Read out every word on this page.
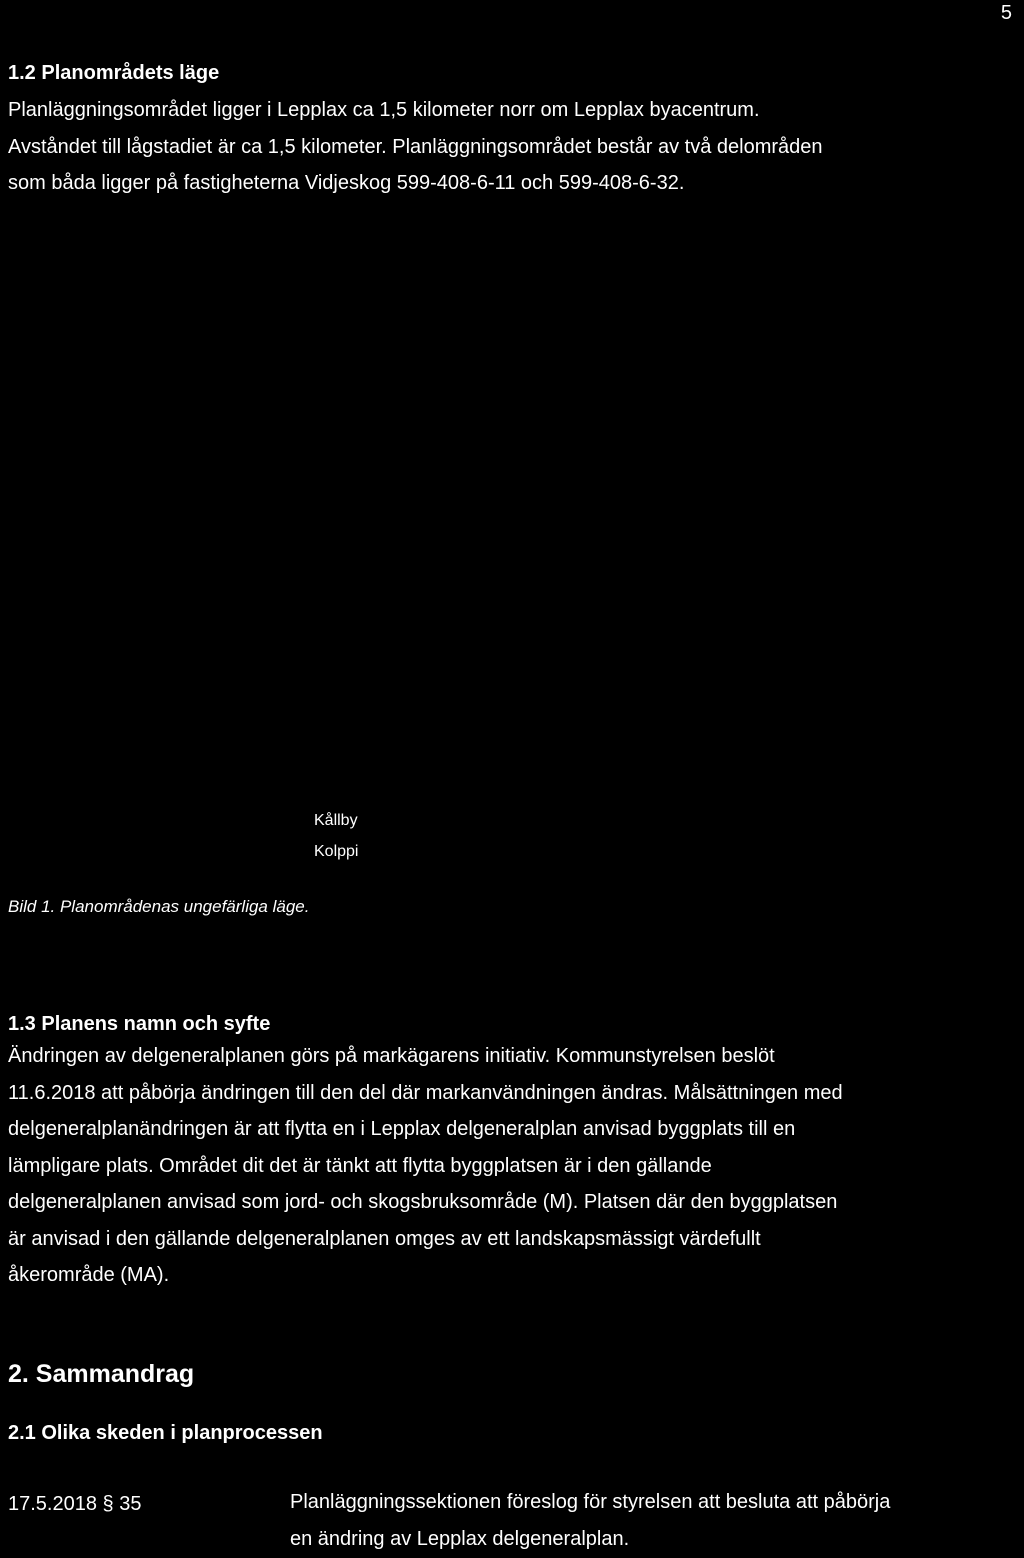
5
1.2 Planområdets läge
Planläggningsområdet ligger i Lepplax ca 1,5 kilometer norr om Lepplax byacentrum.
Avståndet till lågstadiet är ca 1,5 kilometer. Planläggningsområdet består av två delområden
som båda ligger på fastigheterna Vidjeskog 599-408-6-11 och 599-408-6-32.
Kållby
Kolppi
Bild 1. Planområdenas ungefärliga läge.
1.3 Planens namn och syfte
Ändringen av delgeneralplanen görs på markägarens initiativ. Kommunstyrelsen beslöt
11.6.2018 att påbörja ändringen till den del där markanvändningen ändras. Målsättningen med
delgeneralplanändringen är att flytta en i Lepplax delgeneralplan anvisad byggplats till en
lämpligare plats. Området dit det är tänkt att flytta byggplatsen är i den gällande
delgeneralplanen anvisad som jord- och skogsbruksområde (M). Platsen där den byggplatsen
är anvisad i den gällande delgeneralplanen omges av ett landskapsmässigt värdefullt
åkerområde (MA).
2. Sammandrag
2.1 Olika skeden i planprocessen
17.5.2018 § 35	Planläggningssektionen föreslog för styrelsen att besluta att påbörja
en ändring av Lepplax delgeneralplan.
